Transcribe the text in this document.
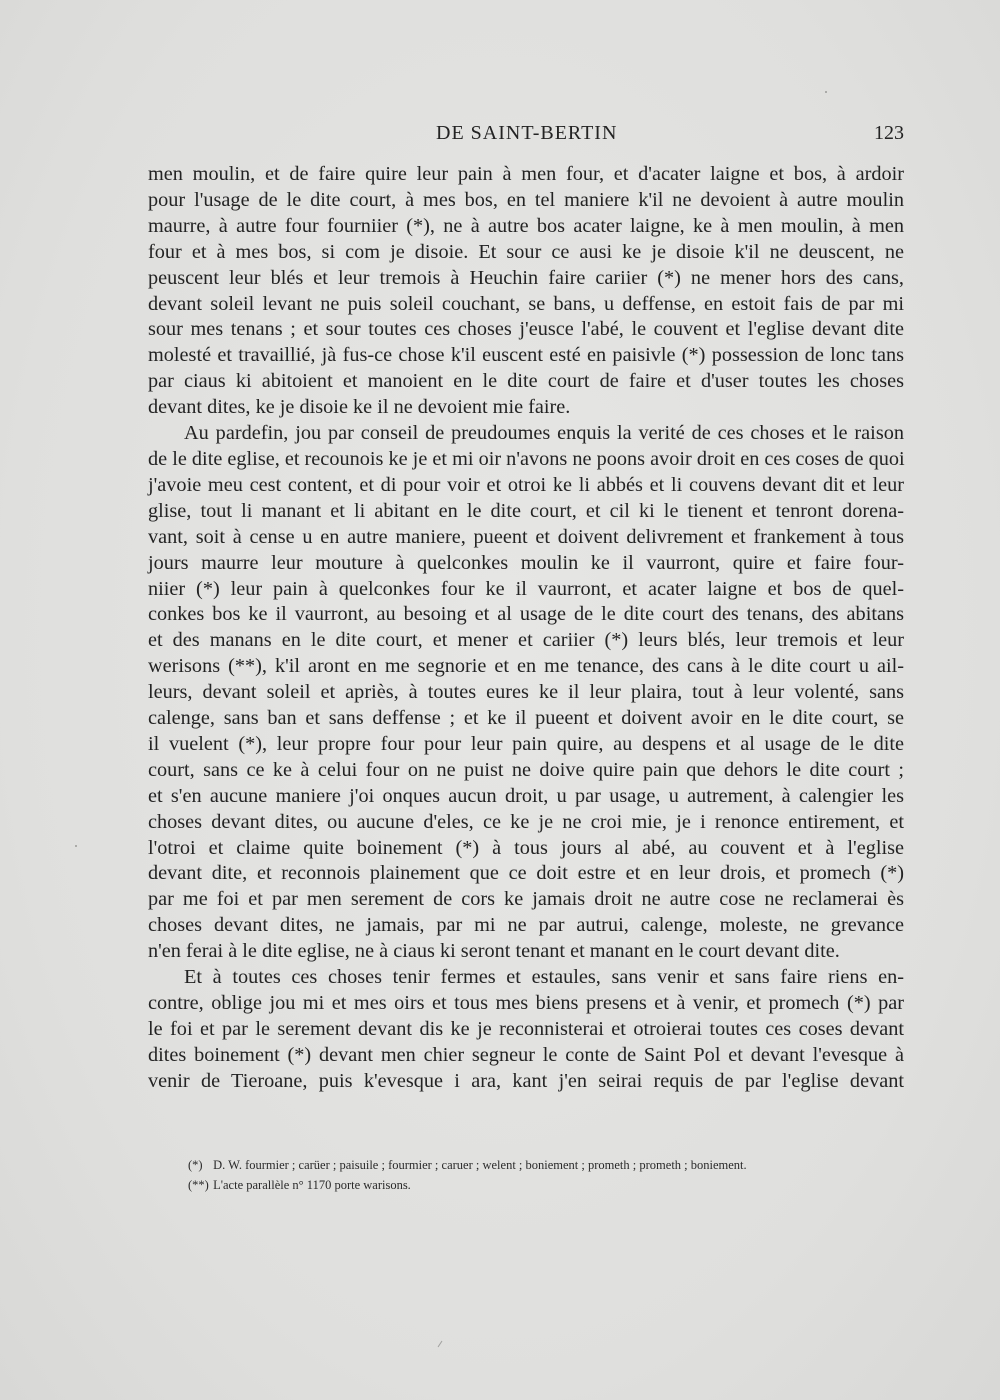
DE SAINT-BERTIN	123
men moulin, et de faire quire leur pain à men four, et d'acater laigne et bos, à ardoir
pour l'usage de le dite court, à mes bos, en tel maniere k'il ne devoient à autre moulin
maurre, à autre four fourniier (*), ne à autre bos acater laigne, ke à men moulin, à men
four et à mes bos, si com je disoie. Et sour ce ausi ke je disoie k'il ne deuscent, ne
peuscent leur blés et leur tremois à Heuchin faire cariier (*) ne mener hors des cans,
devant soleil levant ne puis soleil couchant, se bans, u deffense, en estoit fais de par mi
sour mes tenans ; et sour toutes ces choses j'eusce l'abé, le couvent et l'eglise devant dite
molesté et travaillié, jà fus-ce chose k'il euscent esté en paisivle (*) possession de lonc tans
par ciaus ki abitoient et manoient en le dite court de faire et d'user toutes les choses
devant dites, ke je disoie ke il ne devoient mie faire.
Au pardefin, jou par conseil de preudoumes enquis la verité de ces choses et le raison
de le dite eglise, et recounois ke je et mi oir n'avons ne poons avoir droit en ces coses de quoi
j'avoie meu cest content, et di pour voir et otroi ke li abbés et li couvens devant dit et leur
glise, tout li manant et li abitant en le dite court, et cil ki le tienent et tenront dorena-
vant, soit à cense u en autre maniere, pueent et doivent delivrement et frankement à tous
jours maurre leur mouture à quelconkes moulin ke il vaurront, quire et faire four-
niier (*) leur pain à quelconkes four ke il vaurront, et acater laigne et bos de quel-
conkes bos ke il vaurront, au besoing et al usage de le dite court des tenans, des abitans
et des manans en le dite court, et mener et cariier (*) leurs blés, leur tremois et leur
werisons (**), k'il aront en me segnorie et en me tenance, des cans à le dite court u ail-
leurs, devant soleil et apriès, à toutes eures ke il leur plaira, tout à leur volenté, sans
calenge, sans ban et sans deffense ; et ke il pueent et doivent avoir en le dite court, se
il vuelent (*), leur propre four pour leur pain quire, au despens et al usage de le dite
court, sans ce ke à celui four on ne puist ne doive quire pain que dehors le dite court ;
et s'en aucune maniere j'oi onques aucun droit, u par usage, u autrement, à calengier les
choses devant dites, ou aucune d'eles, ce ke je ne croi mie, je i renonce entirement, et
l'otroi et claime quite boinement (*) à tous jours al abé, au couvent et à l'eglise
devant dite, et reconnois plainement que ce doit estre et en leur drois, et promech (*)
par me foi et par men serement de cors ke jamais droit ne autre cose ne reclamerai ès
choses devant dites, ne jamais, par mi ne par autrui, calenge, moleste, ne grevance
n'en ferai à le dite eglise, ne à ciaus ki seront tenant et manant en le court devant dite.
Et à toutes ces choses tenir fermes et estaules, sans venir et sans faire riens en-
contre, oblige jou mi et mes oirs et tous mes biens presens et à venir, et promech (*) par
le foi et par le serement devant dis ke je reconnisterai et otroierai toutes ces coses devant
dites boinement (*) devant men chier segneur le conte de Saint Pol et devant l'evesque à
venir de Tieroane, puis k'evesque i ara, kant j'en seirai requis de par l'eglise devant
(*) D. W. fourmier ; carüer ; paisuile ; fourmier ; caruer ; welent ; boniement ; prometh ; prometh ; boniement.
(**) L'acte parallèle n° 1170 porte warisons.
